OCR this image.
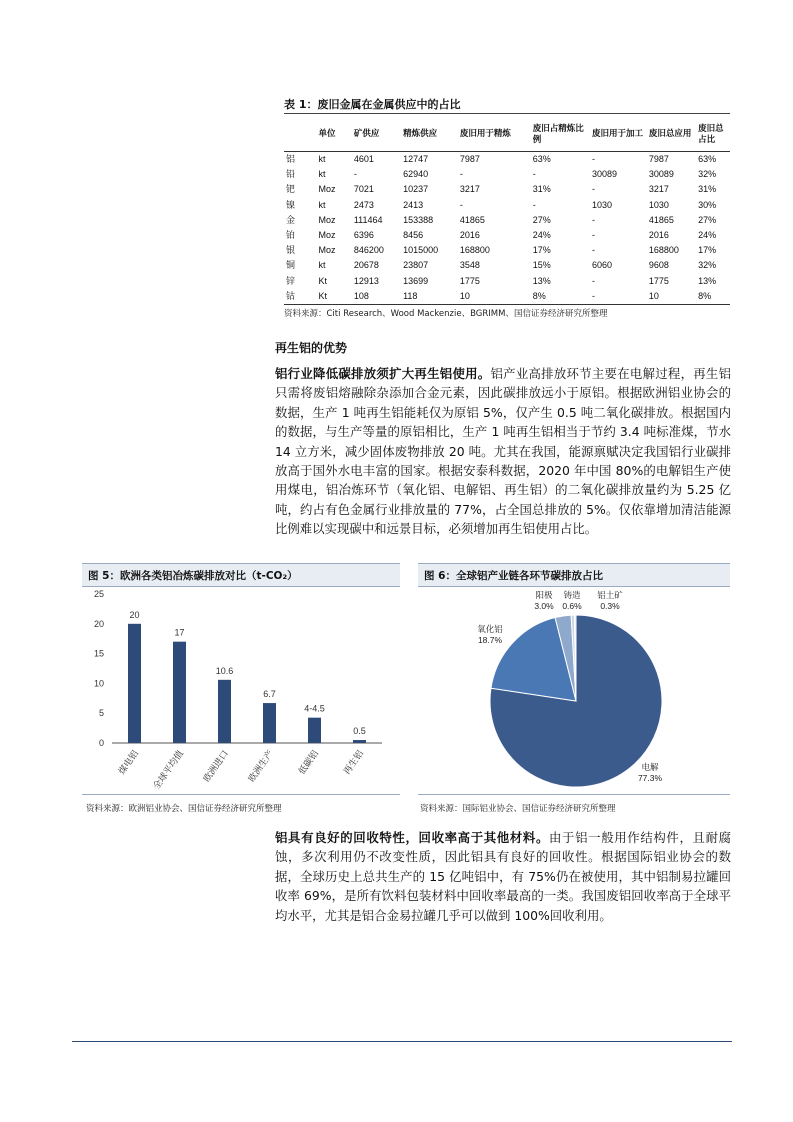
表 1：废旧金属在金属供应中的占比
	单位	矿供应	精炼供应	废旧用于精炼	废旧占精炼比例	废旧用于加工	废旧总应用	废旧总占比
铝	kt	4601	12747	7987	63%	-	7987	63%
铅	kt	-	62940	-	-	30089	30089	32%
钯	Moz	7021	10237	3217	31%	-	3217	31%
镍	kt	2473	2413	-	-	1030	1030	30%
金	Moz	111464	153388	41865	27%	-	41865	27%
铂	Moz	6396	8456	2016	24%	-	2016	24%
银	Moz	846200	1015000	168800	17%	-	168800	17%
铜	kt	20678	23807	3548	15%	6060	9608	32%
锌	Kt	12913	13699	1775	13%	-	1775	13%
钴	Kt	108	118	10	8%	-	10	8%
资料来源：Citi Research、Wood Mackenzie、BGRIMM、国信证券经济研究所整理
再生铝的优势
铝行业降低碳排放须扩大再生铝使用。铝产业高排放环节主要在电解过程，再生铝只需将废铝熔融除杂添加合金元素，因此碳排放远小于原铝。根据欧洲铝业协会的数据，生产 1 吨再生铝能耗仅为原铝 5%，仅产生 0.5 吨二氧化碳排放。根据国内的数据，与生产等量的原铝相比，生产 1 吨再生铝相当于节约 3.4 吨标准煤，节水 14 立方米，减少固体废物排放 20 吨。尤其在我国，能源禀赋决定我国铝行业碳排放高于国外水电丰富的国家。根据安泰科数据，2020 年中国 80%的电解铝生产使用煤电，铝冶炼环节（氧化铝、电解铝、再生铝）的二氧化碳排放量约为 5.25 亿吨，约占有色金属行业排放量的 77%，占全国总排放的 5%。仅依靠增加清洁能源比例难以实现碳中和远景目标，必须增加再生铝使用占比。
图 5：欧洲各类铝冶炼碳排放对比（t-CO₂）
0
5
10
15
20
25
20
煤电铝
17
全球平均值
10.6
欧洲进口
6.7
欧洲生产
4-4.5
低碳铝
0.5
再生铝
资料来源：欧洲铝业协会、国信证券经济研究所整理
图 6：全球铝产业链各环节碳排放占比
电解
77.3%
氧化铝
18.7%
阳极
3.0%
铸造
0.6%
铝土矿
0.3%
资料来源：国际铝业协会、国信证券经济研究所整理
铝具有良好的回收特性，回收率高于其他材料。由于铝一般用作结构件，且耐腐蚀，多次利用仍不改变性质，因此铝具有良好的回收性。根据国际铝业协会的数据，全球历史上总共生产的 15 亿吨铝中，有 75%仍在被使用，其中铝制易拉罐回收率 69%，是所有饮料包装材料中回收率最高的一类。我国废铝回收率高于全球平均水平，尤其是铝合金易拉罐几乎可以做到 100%回收利用。
